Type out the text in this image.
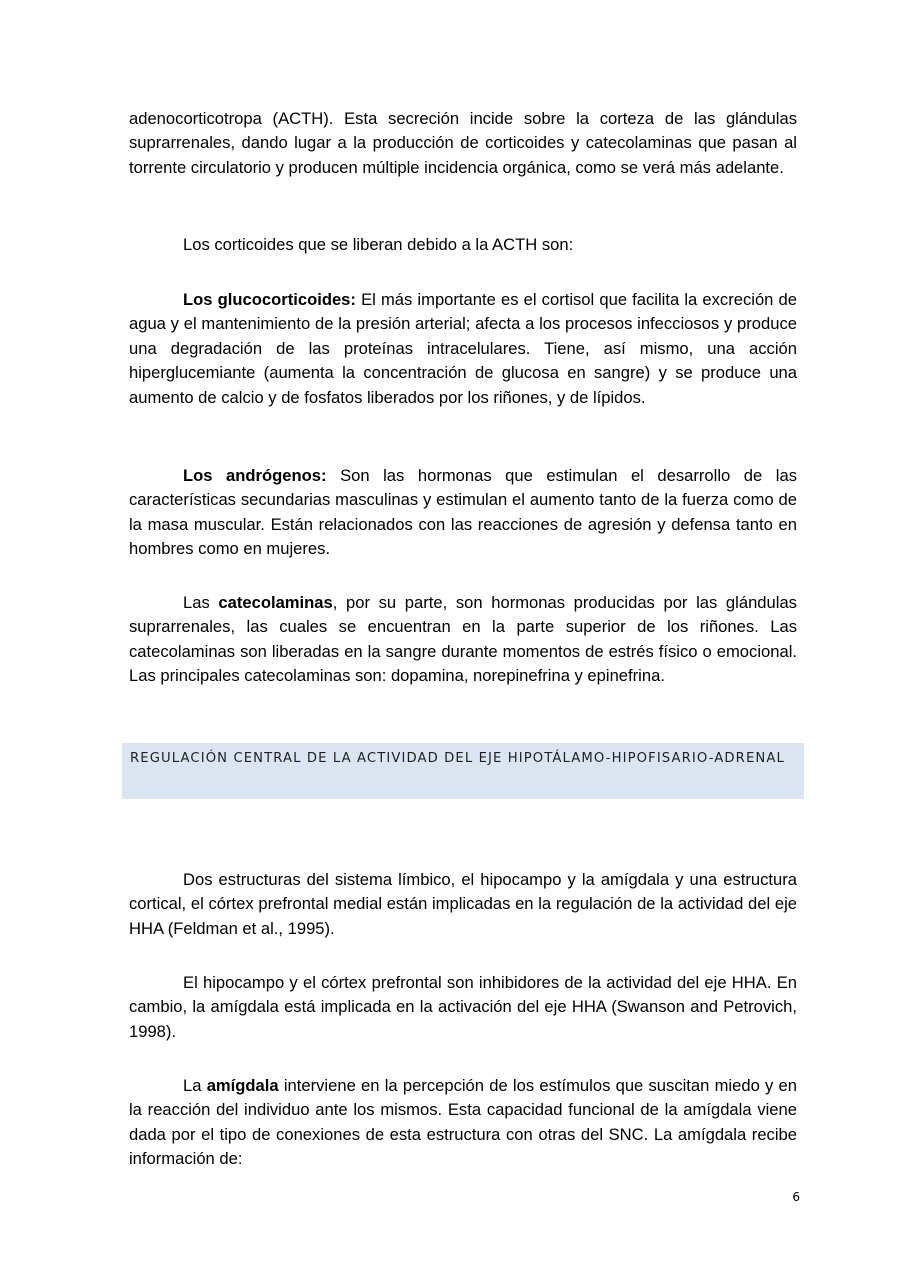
adenocorticotropa (ACTH). Esta secreción incide sobre la corteza de las glándulas suprarrenales, dando lugar a la producción de corticoides y catecolaminas que pasan al torrente circulatorio y producen múltiple incidencia orgánica, como se verá más adelante.

Los corticoides que se liberan debido a la ACTH son:

Los glucocorticoides: El más importante es el cortisol que facilita la excreción de agua y el mantenimiento de la presión arterial; afecta a los procesos infecciosos y produce una degradación de las proteínas intracelulares. Tiene, así mismo, una acción hiperglucemiante (aumenta la concentración de glucosa en sangre) y se produce una aumento de calcio y de fosfatos liberados por los riñones, y de lípidos.

Los andrógenos: Son las hormonas que estimulan el desarrollo de las características secundarias masculinas y estimulan el aumento tanto de la fuerza como de la masa muscular. Están relacionados con las reacciones de agresión y defensa tanto en hombres como en mujeres.

Las catecolaminas, por su parte, son hormonas producidas por las glándulas suprarrenales, las cuales se encuentran en la parte superior de los riñones. Las catecolaminas son liberadas en la sangre durante momentos de estrés físico o emocional. Las principales catecolaminas son: dopamina, norepinefrina y epinefrina.

REGULACIÓN CENTRAL DE LA ACTIVIDAD DEL EJE HIPOTÁLAMO-HIPOFISARIO-ADRENAL

Dos estructuras del sistema límbico, el hipocampo y la amígdala y una estructura cortical, el córtex prefrontal medial están implicadas en la regulación de la actividad del eje HHA (Feldman et al., 1995).

El hipocampo y el córtex prefrontal son inhibidores de la actividad del eje HHA. En cambio, la amígdala está implicada en la activación del eje HHA (Swanson and Petrovich, 1998).

La amígdala interviene en la percepción de los estímulos que suscitan miedo y en la reacción del individuo ante los mismos. Esta capacidad funcional de la amígdala viene dada por el tipo de conexiones de esta estructura con otras del SNC. La amígdala recibe información de:

6
